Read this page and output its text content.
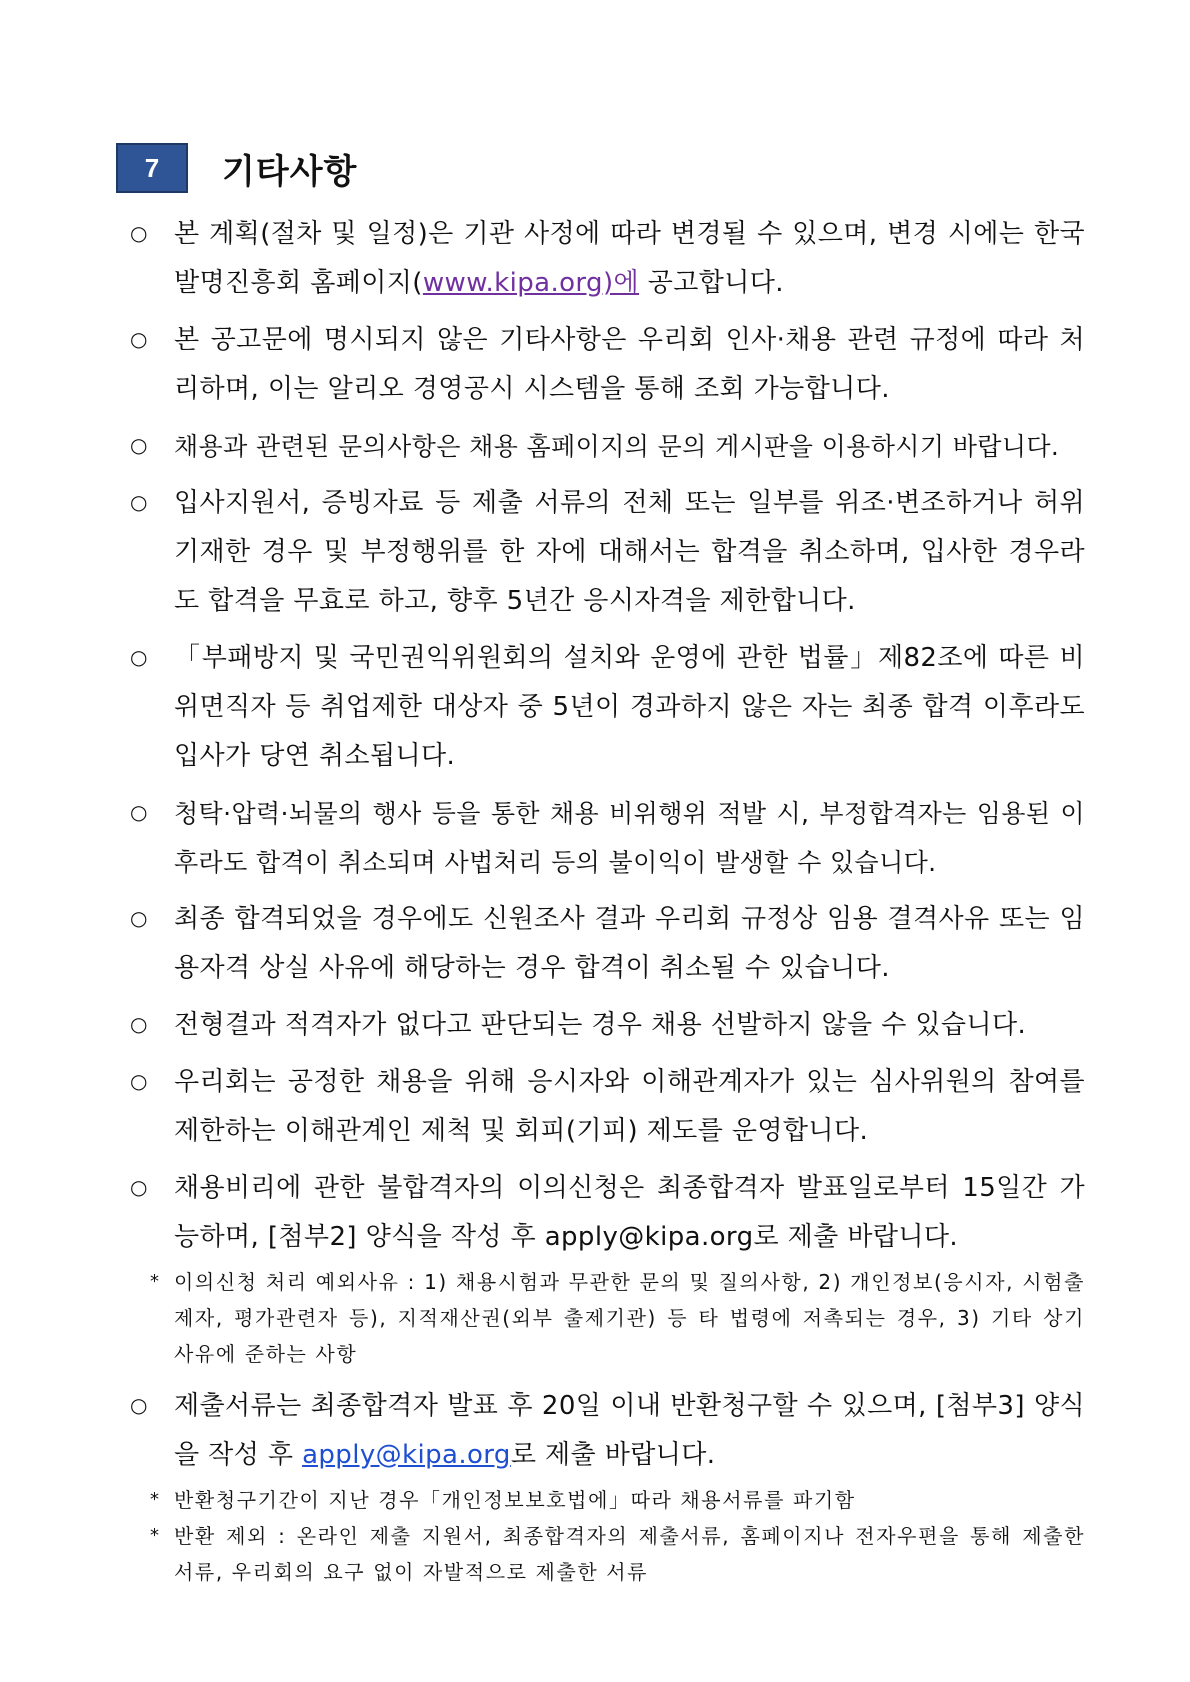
7	기타사항
○	본 계획(절차 및 일정)은 기관 사정에 따라 변경될 수 있으며, 변경 시에는 한국발명진흥회 홈페이지(www.kipa.org)에 공고합니다.
○	본 공고문에 명시되지 않은 기타사항은 우리회 인사·채용 관련 규정에 따라 처리하며, 이는 알리오 경영공시 시스템을 통해 조회 가능합니다.
○	채용과 관련된 문의사항은 채용 홈페이지의 문의 게시판을 이용하시기 바랍니다.
○	입사지원서, 증빙자료 등 제출 서류의 전체 또는 일부를 위조·변조하거나 허위 기재한 경우 및 부정행위를 한 자에 대해서는 합격을 취소하며, 입사한 경우라도 합격을 무효로 하고, 향후 5년간 응시자격을 제한합니다.
○	「부패방지 및 국민권익위원회의 설치와 운영에 관한 법률」제82조에 따른 비위면직자 등 취업제한 대상자 중 5년이 경과하지 않은 자는 최종 합격 이후라도 입사가 당연 취소됩니다.
○	청탁·압력·뇌물의 행사 등을 통한 채용 비위행위 적발 시, 부정합격자는 임용된 이후라도 합격이 취소되며 사법처리 등의 불이익이 발생할 수 있습니다.
○	최종 합격되었을 경우에도 신원조사 결과 우리회 규정상 임용 결격사유 또는 임용자격 상실 사유에 해당하는 경우 합격이 취소될 수 있습니다.
○	전형결과 적격자가 없다고 판단되는 경우 채용 선발하지 않을 수 있습니다.
○	우리회는 공정한 채용을 위해 응시자와 이해관계자가 있는 심사위원의 참여를 제한하는 이해관계인 제척 및 회피(기피) 제도를 운영합니다.
○	채용비리에 관한 불합격자의 이의신청은 최종합격자 발표일로부터 15일간 가능하며, [첨부2] 양식을 작성 후 apply@kipa.org로 제출 바랍니다.
* 이의신청 처리 예외사유 : 1) 채용시험과 무관한 문의 및 질의사항, 2) 개인정보(응시자, 시험출제자, 평가관련자 등), 지적재산권(외부 출제기관) 등 타 법령에 저촉되는 경우, 3) 기타 상기 사유에 준하는 사항
○	제출서류는 최종합격자 발표 후 20일 이내 반환청구할 수 있으며, [첨부3] 양식을 작성 후 apply@kipa.org로 제출 바랍니다.
* 반환청구기간이 지난 경우「개인정보보호법에」따라 채용서류를 파기함
* 반환 제외 : 온라인 제출 지원서, 최종합격자의 제출서류, 홈페이지나 전자우편을 통해 제출한 서류, 우리회의 요구 없이 자발적으로 제출한 서류
